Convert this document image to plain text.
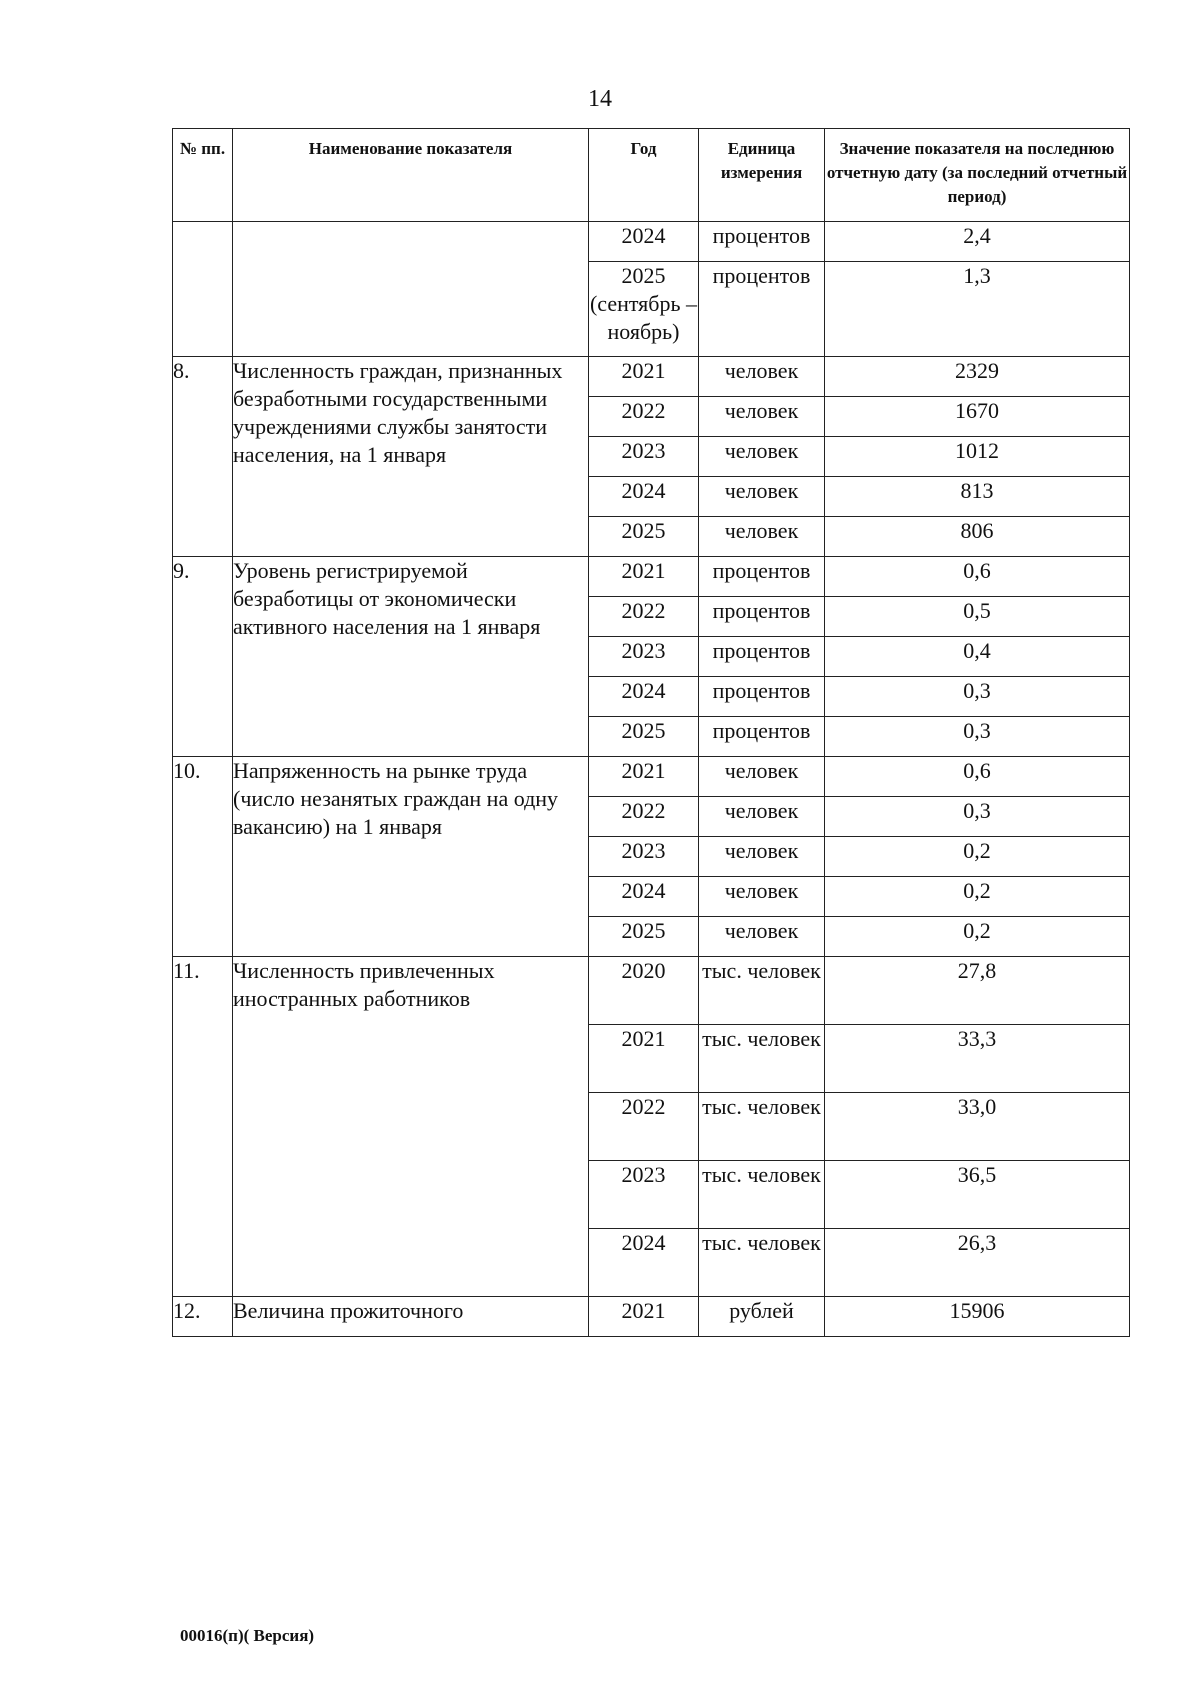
14
№ пп.	Наименование показателя	Год	Единица измерения	Значение показателя на последнюю отчетную дату (за последний отчетный период)
		2024	процентов	2,4
		2025 (сентябрь – ноябрь)	процентов	1,3
8.	Численность граждан, признанных безработными государственными учреждениями службы занятости населения, на 1 января	2021	человек	2329
		2022	человек	1670
		2023	человек	1012
		2024	человек	813
		2025	человек	806
9.	Уровень регистрируемой безработицы от экономически активного населения на 1 января	2021	процентов	0,6
		2022	процентов	0,5
		2023	процентов	0,4
		2024	процентов	0,3
		2025	процентов	0,3
10.	Напряженность на рынке труда (число незанятых граждан на одну вакансию) на 1 января	2021	человек	0,6
		2022	человек	0,3
		2023	человек	0,2
		2024	человек	0,2
		2025	человек	0,2
11.	Численность привлеченных иностранных работников	2020	тыс. человек	27,8
		2021	тыс. человек	33,3
		2022	тыс. человек	33,0
		2023	тыс. человек	36,5
		2024	тыс. человек	26,3
12.	Величина прожиточного	2021	рублей	15906
00016(п)( Версия)
